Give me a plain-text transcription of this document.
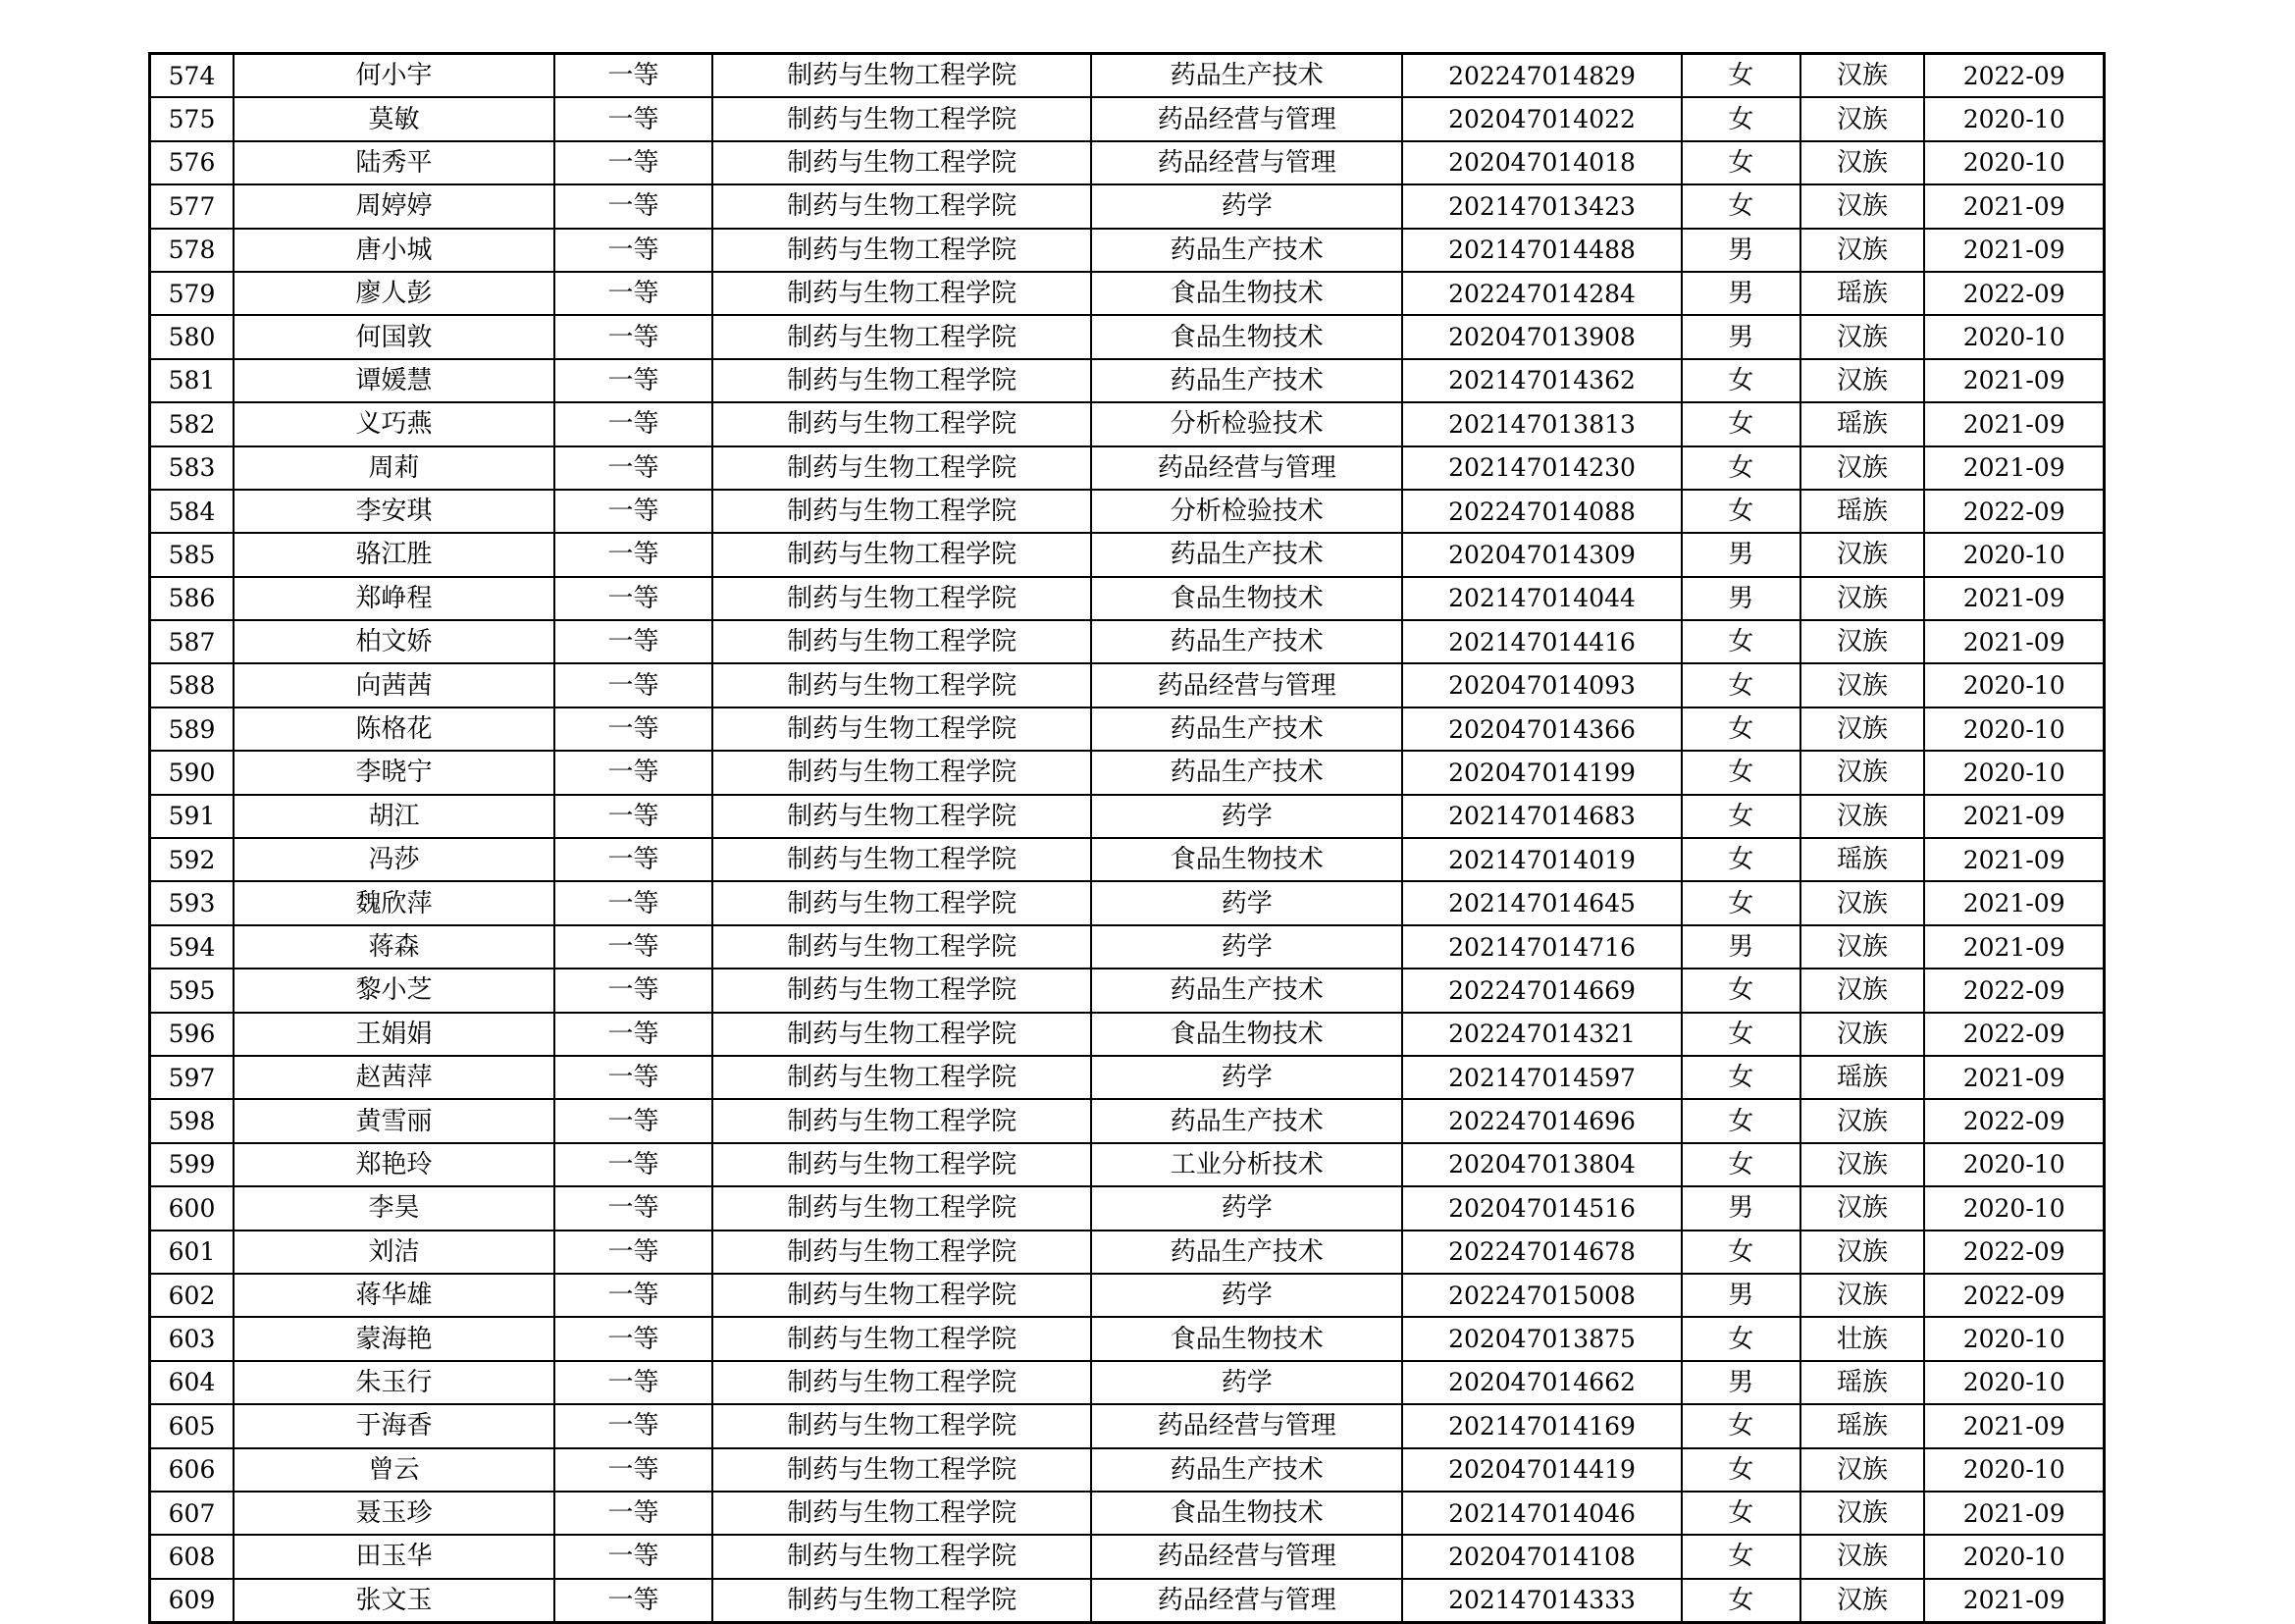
574	何小宇	一等	制药与生物工程学院	药品生产技术	202247014829	女	汉族	2022-09
575	莫敏	一等	制药与生物工程学院	药品经营与管理	202047014022	女	汉族	2020-10
576	陆秀平	一等	制药与生物工程学院	药品经营与管理	202047014018	女	汉族	2020-10
577	周婷婷	一等	制药与生物工程学院	药学	202147013423	女	汉族	2021-09
578	唐小城	一等	制药与生物工程学院	药品生产技术	202147014488	男	汉族	2021-09
579	廖人彭	一等	制药与生物工程学院	食品生物技术	202247014284	男	瑶族	2022-09
580	何国敦	一等	制药与生物工程学院	食品生物技术	202047013908	男	汉族	2020-10
581	谭媛慧	一等	制药与生物工程学院	药品生产技术	202147014362	女	汉族	2021-09
582	义巧燕	一等	制药与生物工程学院	分析检验技术	202147013813	女	瑶族	2021-09
583	周莉	一等	制药与生物工程学院	药品经营与管理	202147014230	女	汉族	2021-09
584	李安琪	一等	制药与生物工程学院	分析检验技术	202247014088	女	瑶族	2022-09
585	骆江胜	一等	制药与生物工程学院	药品生产技术	202047014309	男	汉族	2020-10
586	郑峥程	一等	制药与生物工程学院	食品生物技术	202147014044	男	汉族	2021-09
587	柏文娇	一等	制药与生物工程学院	药品生产技术	202147014416	女	汉族	2021-09
588	向茜茜	一等	制药与生物工程学院	药品经营与管理	202047014093	女	汉族	2020-10
589	陈格花	一等	制药与生物工程学院	药品生产技术	202047014366	女	汉族	2020-10
590	李晓宁	一等	制药与生物工程学院	药品生产技术	202047014199	女	汉族	2020-10
591	胡江	一等	制药与生物工程学院	药学	202147014683	女	汉族	2021-09
592	冯莎	一等	制药与生物工程学院	食品生物技术	202147014019	女	瑶族	2021-09
593	魏欣萍	一等	制药与生物工程学院	药学	202147014645	女	汉族	2021-09
594	蒋森	一等	制药与生物工程学院	药学	202147014716	男	汉族	2021-09
595	黎小芝	一等	制药与生物工程学院	药品生产技术	202247014669	女	汉族	2022-09
596	王娟娟	一等	制药与生物工程学院	食品生物技术	202247014321	女	汉族	2022-09
597	赵茜萍	一等	制药与生物工程学院	药学	202147014597	女	瑶族	2021-09
598	黄雪丽	一等	制药与生物工程学院	药品生产技术	202247014696	女	汉族	2022-09
599	郑艳玲	一等	制药与生物工程学院	工业分析技术	202047013804	女	汉族	2020-10
600	李昊	一等	制药与生物工程学院	药学	202047014516	男	汉族	2020-10
601	刘洁	一等	制药与生物工程学院	药品生产技术	202247014678	女	汉族	2022-09
602	蒋华雄	一等	制药与生物工程学院	药学	202247015008	男	汉族	2022-09
603	蒙海艳	一等	制药与生物工程学院	食品生物技术	202047013875	女	壮族	2020-10
604	朱玉行	一等	制药与生物工程学院	药学	202047014662	男	瑶族	2020-10
605	于海香	一等	制药与生物工程学院	药品经营与管理	202147014169	女	瑶族	2021-09
606	曾云	一等	制药与生物工程学院	药品生产技术	202047014419	女	汉族	2020-10
607	聂玉珍	一等	制药与生物工程学院	食品生物技术	202147014046	女	汉族	2021-09
608	田玉华	一等	制药与生物工程学院	药品经营与管理	202047014108	女	汉族	2020-10
609	张文玉	一等	制药与生物工程学院	药品经营与管理	202147014333	女	汉族	2021-09
